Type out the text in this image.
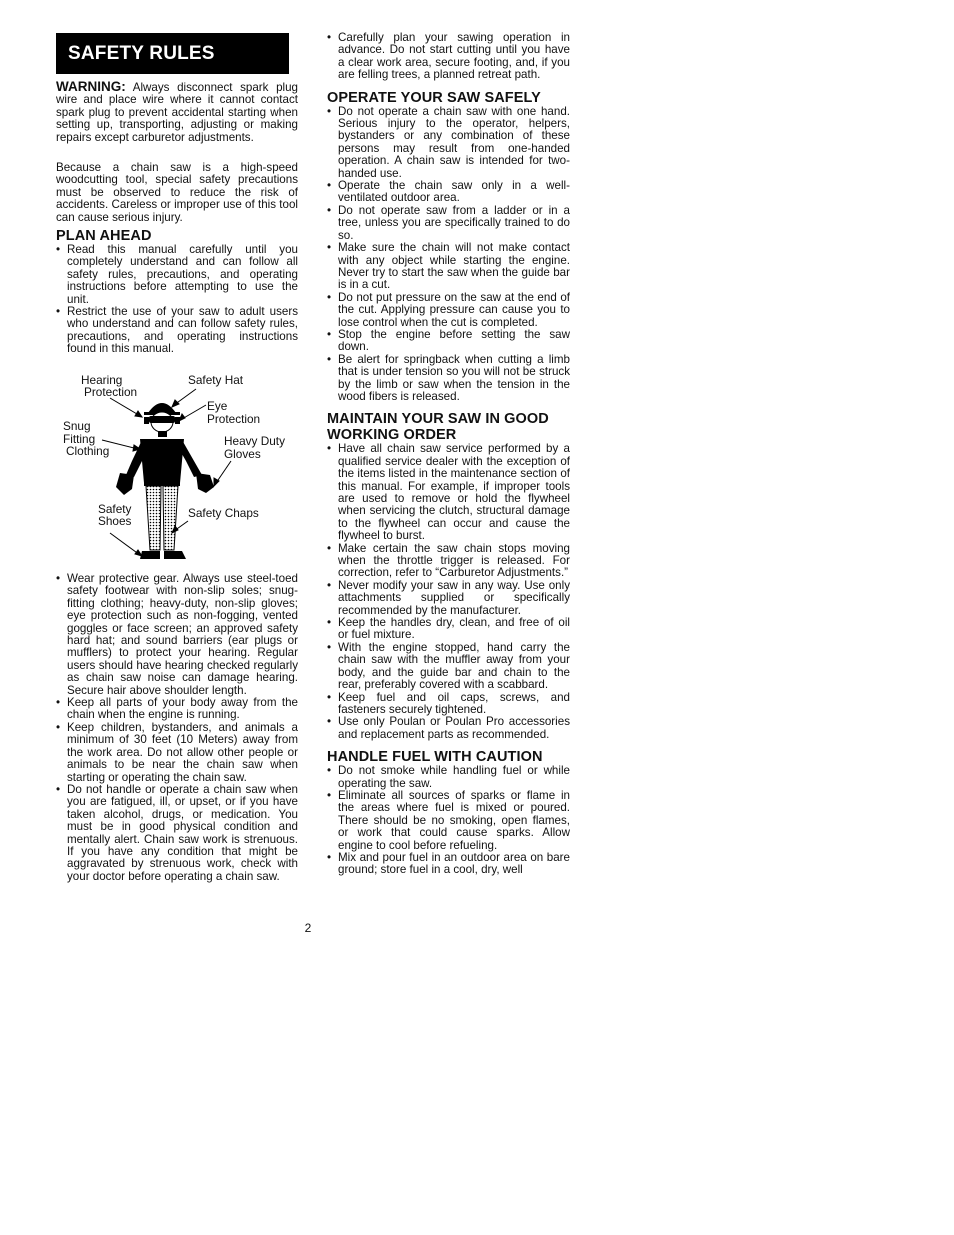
SAFETY RULES
WARNING: Always disconnect spark plug wire and place wire where it cannot contact spark plug to prevent accidental starting when setting up, transporting, adjusting or making repairs except carburetor adjustments.
Because a chain saw is a high-speed woodcutting tool, special safety precautions must be observed to reduce the risk of accidents. Careless or improper use of this tool can cause serious injury.
PLAN AHEAD
• Read this manual carefully until you completely understand and can follow all safety rules, precautions, and operating instructions before attempting to use the unit.
• Restrict the use of your saw to adult users who understand and can follow safety rules, precautions, and operating instructions found in this manual.
• Wear protective gear. Always use steel-toed safety footwear with non-slip soles; snug-fitting clothing; heavy-duty, non-slip gloves; eye protection such as non-fogging, vented goggles or face screen; an approved safety hard hat; and sound barriers (ear plugs or mufflers) to protect your hearing. Regular users should have hearing checked regularly as chain saw noise can damage hearing. Secure hair above shoulder length.
• Keep all parts of your body away from the chain when the engine is running.
• Keep children, bystanders, and animals a minimum of 30 feet (10 Meters) away from the work area. Do not allow other people or animals to be near the chain saw when starting or operating the chain saw.
• Do not handle or operate a chain saw when you are fatigued, ill, or upset, or if you have taken alcohol, drugs, or medication. You must be in good physical condition and mentally alert. Chain saw work is strenuous. If you have any condition that might be aggravated by strenuous work, check with your doctor before operating a chain saw.
Hearing
Protection
Safety Hat
Eye
Protection
Snug
Fitting
Clothing
Heavy Duty
Gloves
Safety
Shoes
Safety Chaps
• Carefully plan your sawing operation in advance. Do not start cutting until you have a clear work area, secure footing, and, if you are felling trees, a planned retreat path.
OPERATE YOUR SAW SAFELY
• Do not operate a chain saw with one hand. Serious injury to the operator, helpers, bystanders or any combination of these persons may result from one-handed operation. A chain saw is intended for two-handed use.
• Operate the chain saw only in a well-ventilated outdoor area.
• Do not operate saw from a ladder or in a tree, unless you are specifically trained to do so.
• Make sure the chain will not make contact with any object while starting the engine. Never try to start the saw when the guide bar is in a cut.
• Do not put pressure on the saw at the end of the cut. Applying pressure can cause you to lose control when the cut is completed.
• Stop the engine before setting the saw down.
• Be alert for springback when cutting a limb that is under tension so you will not be struck by the limb or saw when the tension in the wood fibers is released.
MAINTAIN YOUR SAW IN GOOD
WORKING ORDER
• Have all chain saw service performed by a qualified service dealer with the exception of the items listed in the maintenance section of this manual. For example, if improper tools are used to remove or hold the flywheel when servicing the clutch, structural damage to the flywheel can occur and cause the flywheel to burst.
• Make certain the saw chain stops moving when the throttle trigger is released. For correction, refer to “Carburetor Adjustments.”
• Never modify your saw in any way. Use only attachments supplied or specifically recommended by the manufacturer.
• Keep the handles dry, clean, and free of oil or fuel mixture.
• With the engine stopped, hand carry the chain saw with the muffler away from your body, and the guide bar and chain to the rear, preferably covered with a scabbard.
• Keep fuel and oil caps, screws, and fasteners securely tightened.
• Use only Poulan or Poulan Pro accessories and replacement parts as recommended.
HANDLE FUEL WITH CAUTION
• Do not smoke while handling fuel or while operating the saw.
• Eliminate all sources of sparks or flame in the areas where fuel is mixed or poured. There should be no smoking, open flames, or work that could cause sparks. Allow engine to cool before refueling.
• Mix and pour fuel in an outdoor area on bare ground; store fuel in a cool, dry, well
2
